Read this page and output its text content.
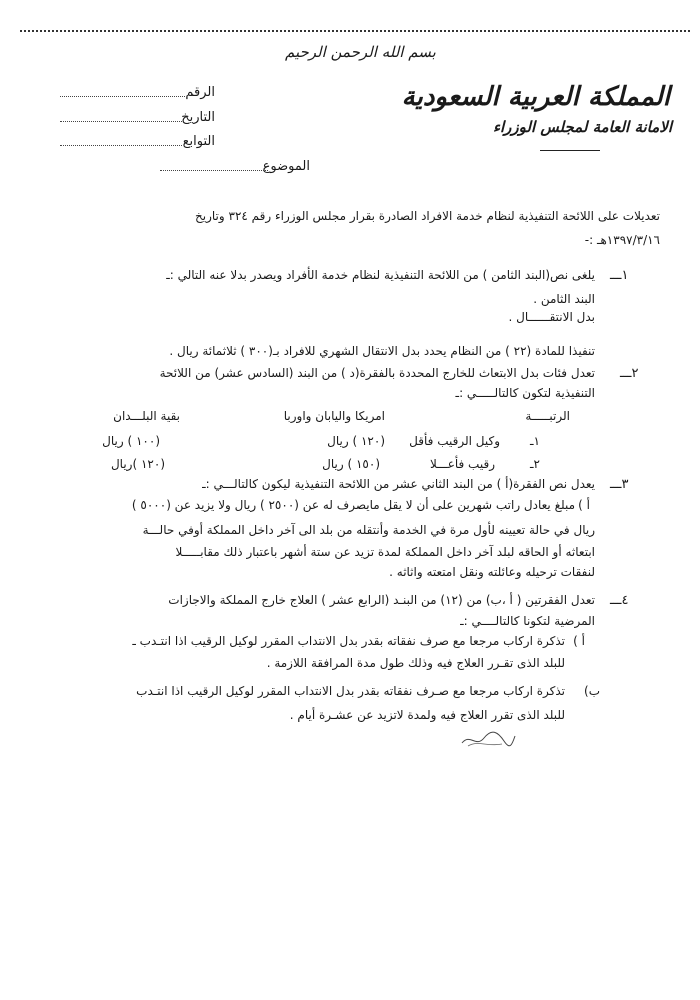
بسم الله الرحمن الرحيم
المملكة العربية السعودية
الامانة العامة لمجلس الوزراء
الرقم
التاريخ
التوابع
الموضوع
تعديلات على اللائحة التنفيذية لنظام خدمة الافراد الصادرة بقرار مجلس الوزراء رقم ٣٢٤ وتاريخ
١٣٩٧/٣/١٦هـ :-
١ـــ
يلغى نص(البند الثامن ) من اللائحة التنفيذية لنظام خدمة الأفراد ويصدر بدلا عنه التالي :ـ
البند الثامن .
بدل الانتقــــــال .
تنفيذا للمادة (٢٢ ) من النظام يحدد بدل الانتقال الشهري للافراد بـ(٣٠٠ ) ثلاثمائة ريال .
٢ـــ
تعدل فئات بدل الابتعاث للخارج المحددة بالفقرة(د ) من البند (السادس عشر) من اللائحة
التنفيذية لتكون كالتالـــــي :ـ
الرتبـــــة
امريكا واليابان واوربا
بقية البلـــدان
١ـ
وكيل الرقيب فأقل
(١٢٠ ) ريال
(١٠٠ ) ريال
٢ـ
رقيب فأعـــلا
(١٥٠ ) ريال
(١٢٠ )ريال
٣ـــ
يعدل نص الفقرة(أ ) من البند الثاني عشر من اللائحة التنفيذية ليكون كالتالـــي :ـ
أ )
مبلغ يعادل راتب شهرين على أن لا يقل مايصرف له عن (٢٥٠٠ ) ريال ولا يزيد عن (٥٠٠٠ )
ريال في حالة تعيينه لأول مرة في الخدمة وأنتقله من بلد الى آخر داخل المملكة أوفي حالـــة
ابتعاثه أو الحاقه لبلد آخر داخل المملكة لمدة تزيد عن ستة أشهر باعتبار ذلك مقابـــــلا
لنفقات ترحيله وعائلته ونقل امتعته واثاثه .
٤ـــ
تعدل الفقرتين ( أ ،ب) من (١٢) من البنـد (الرابع عشر ) العلاج خارج المملكة والاجازات
المرضية لتكونا كالتالــــي :ـ
أ )
تذكرة اركاب مرجعا مع صرف نفقاته بقدر بدل الانتداب المقرر لوكيل الرقيب اذا انتـدب ـ
للبلد الذى تقـرر العلاج فيه وذلك طول مدة المرافقة اللازمة .
ب)
تذكرة اركاب مرجعا مع صـرف نفقاته بقدر بدل الانتداب المقرر لوكيل الرقيب اذا انتـدب
للبلد الذى تقرر العلاج فيه ولمدة لاتزيد عن عشـرة أيام .
